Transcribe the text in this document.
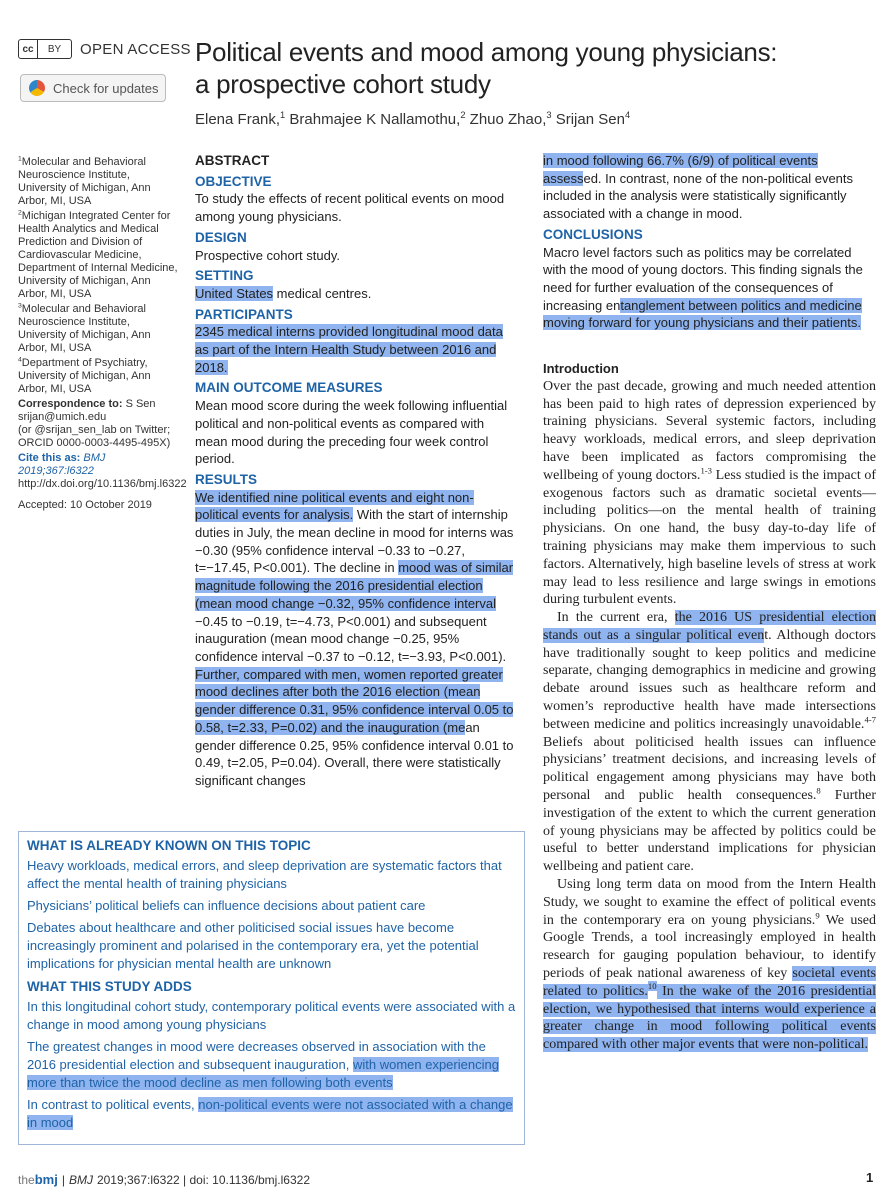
cc	BY	OPEN ACCESS
Check for updates
Political events and mood among young physicians: a prospective cohort study
Elena Frank,$^1$ Brahmajee K Nallamothu,$^2$ Zhuo Zhao,$^3$ Srijan Sen$^4$
$^1$Molecular and Behavioral Neuroscience Institute, University of Michigan, Ann Arbor, MI, USA
$^2$Michigan Integrated Center for Health Analytics and Medical Prediction and Division of Cardiovascular Medicine, Department of Internal Medicine, University of Michigan, Ann Arbor, MI, USA
$^3$Molecular and Behavioral Neuroscience Institute, University of Michigan, Ann Arbor, MI, USA
$^4$Department of Psychiatry, University of Michigan, Ann Arbor, MI, USA
Correspondence to: S Sen
srijan@umich.edu
(or @srijan_sen_lab on Twitter; ORCID 0000-0003-4495-495X)
Cite this as: BMJ 2019;367:l6322
http://dx.doi.org/10.1136/bmj.l6322
Accepted: 10 October 2019
ABSTRACT
OBJECTIVE
To study the effects of recent political events on mood among young physicians.
DESIGN
Prospective cohort study.
SETTING
United States medical centres.
PARTICIPANTS
2345 medical interns provided longitudinal mood data as part of the Intern Health Study between 2016 and 2018.
MAIN OUTCOME MEASURES
Mean mood score during the week following influential political and non-political events as compared with mean mood during the preceding four week control period.
RESULTS
We identified nine political events and eight non-political events for analysis. With the start of internship duties in July, the mean decline in mood for interns was −0.30 (95% confidence interval −0.33 to −0.27, t=−17.45, P<0.001). The decline in mood was of similar magnitude following the 2016 presidential election (mean mood change −0.32, 95% confidence interval −0.45 to −0.19, t=−4.73, P<0.001) and subsequent inauguration (mean mood change −0.25, 95% confidence interval −0.37 to −0.12, t=−3.93, P<0.001). Further, compared with men, women reported greater mood declines after both the 2016 election (mean gender difference 0.31, 95% confidence interval 0.05 to 0.58, t=2.33, P=0.02) and the inauguration (mean gender difference 0.25, 95% confidence interval 0.01 to 0.49, t=2.05, P=0.04). Overall, there were statistically significant changes
in mood following 66.7% (6/9) of political events assessed. In contrast, none of the non-political events included in the analysis were statistically significantly associated with a change in mood.
CONCLUSIONS
Macro level factors such as politics may be correlated with the mood of young doctors. This finding signals the need for further evaluation of the consequences of increasing entanglement between politics and medicine moving forward for young physicians and their patients.
Introduction
Over the past decade, growing and much needed attention has been paid to high rates of depression experienced by training physicians. Several systemic factors, including heavy workloads, medical errors, and sleep deprivation have been implicated as factors compromising the wellbeing of young doctors.$^{1-3}$ Less studied is the impact of exogenous factors such as dramatic societal events—including politics—on the mental health of training physicians. On one hand, the busy day-to-day life of training physicians may make them impervious to such factors. Alternatively, high baseline levels of stress at work may lead to less resilience and large swings in emotions during turbulent events.
In the current era, the 2016 US presidential election stands out as a singular political event. Although doctors have traditionally sought to keep politics and medicine separate, changing demographics in medicine and growing debate around issues such as healthcare reform and women’s reproductive health have made intersections between medicine and politics increasingly unavoidable.$^{4-7}$ Beliefs about politicised health issues can influence physicians’ treatment decisions, and increasing levels of political engagement among physicians may have both personal and public health consequences.$^8$ Further investigation of the extent to which the current generation of young physicians may be affected by politics could be useful to better understand implications for physician wellbeing and patient care.
Using long term data on mood from the Intern Health Study, we sought to examine the effect of political events in the contemporary era on young physicians.$^9$ We used Google Trends, a tool increasingly employed in health research for gauging population behaviour, to identify periods of peak national awareness of key societal events related to politics.$^{10}$ In the wake of the 2016 presidential election, we hypothesised that interns would experience a greater change in mood following political events compared with other major events that were non-political.
WHAT IS ALREADY KNOWN ON THIS TOPIC
Heavy workloads, medical errors, and sleep deprivation are systematic factors that affect the mental health of training physicians
Physicians’ political beliefs can influence decisions about patient care
Debates about healthcare and other politicised social issues have become increasingly prominent and polarised in the contemporary era, yet the potential implications for physician mental health are unknown
WHAT THIS STUDY ADDS
In this longitudinal cohort study, contemporary political events were associated with a change in mood among young physicians
The greatest changes in mood were decreases observed in association with the 2016 presidential election and subsequent inauguration, with women experiencing more than twice the mood decline as men following both events
In contrast to political events, non-political events were not associated with a change in mood
thebmj | BMJ 2019;367:l6322 | doi: 10.1136/bmj.l6322	1
